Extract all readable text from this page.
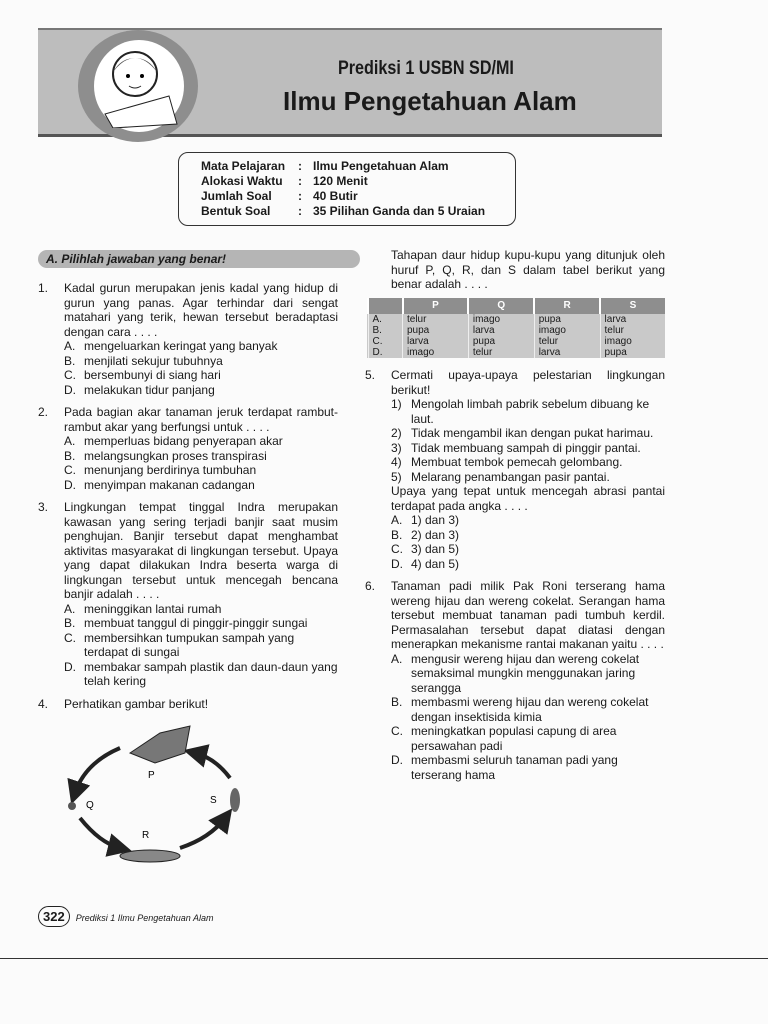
Prediksi 1 USBN SD/MI
Ilmu Pengetahuan Alam
Mata Pelajaran	: Ilmu Pengetahuan Alam
Alokasi Waktu	: 120 Menit
Jumlah Soal	: 40 Butir
Bentuk Soal	: 35 Pilihan Ganda dan 5 Uraian
A. Pilihlah jawaban yang benar!
1. Kadal gurun merupakan jenis kadal yang hidup di gurun yang panas. Agar terhindar dari sengat matahari yang terik, hewan tersebut beradaptasi dengan cara . . . .
A. mengeluarkan keringat yang banyak
B. menjilati sekujur tubuhnya
C. bersembunyi di siang hari
D. melakukan tidur panjang
2. Pada bagian akar tanaman jeruk terdapat rambut-rambut akar yang berfungsi untuk . . . .
A. memperluas bidang penyerapan akar
B. melangsungkan proses transpirasi
C. menunjang berdirinya tumbuhan
D. menyimpan makanan cadangan
3. Lingkungan tempat tinggal Indra merupakan kawasan yang sering terjadi banjir saat musim penghujan. Banjir tersebut dapat menghambat aktivitas masyarakat di lingkungan tersebut. Upaya yang dapat dilakukan Indra beserta warga di lingkungan tersebut untuk mencegah bencana banjir adalah . . . .
A. meninggikan lantai rumah
B. membuat tanggul di pinggir-pinggir sungai
C. membersihkan tumpukan sampah yang terdapat di sungai
D. membakar sampah plastik dan daun-daun yang telah kering
4. Perhatikan gambar berikut!
P
Q
R
S
Tahapan daur hidup kupu-kupu yang ditunjuk oleh huruf P, Q, R, dan S dalam tabel berikut yang benar adalah . . . .
	P	Q	R	S
A.	telur	imago	pupa	larva
B.	pupa	larva	imago	telur
C.	larva	pupa	telur	imago
D.	imago	telur	larva	pupa
5. Cermati upaya-upaya pelestarian lingkungan berikut!
1) Mengolah limbah pabrik sebelum dibuang ke laut.
2) Tidak mengambil ikan dengan pukat harimau.
3) Tidak membuang sampah di pinggir pantai.
4) Membuat tembok pemecah gelombang.
5) Melarang penambangan pasir pantai.
Upaya yang tepat untuk mencegah abrasi pantai terdapat pada angka . . . .
A. 1) dan 3)
B. 2) dan 3)
C. 3) dan 5)
D. 4) dan 5)
6. Tanaman padi milik Pak Roni terserang hama wereng hijau dan wereng cokelat. Serangan hama tersebut membuat tanaman padi tumbuh kerdil. Permasalahan tersebut dapat diatasi dengan menerapkan mekanisme rantai makanan yaitu . . . .
A. mengusir wereng hijau dan wereng cokelat semaksimal mungkin menggunakan jaring serangga
B. membasmi wereng hijau dan wereng cokelat dengan insektisida kimia
C. meningkatkan populasi capung di area persawahan padi
D. membasmi seluruh tanaman padi yang terserang hama
322 Prediksi 1 Ilmu Pengetahuan Alam
